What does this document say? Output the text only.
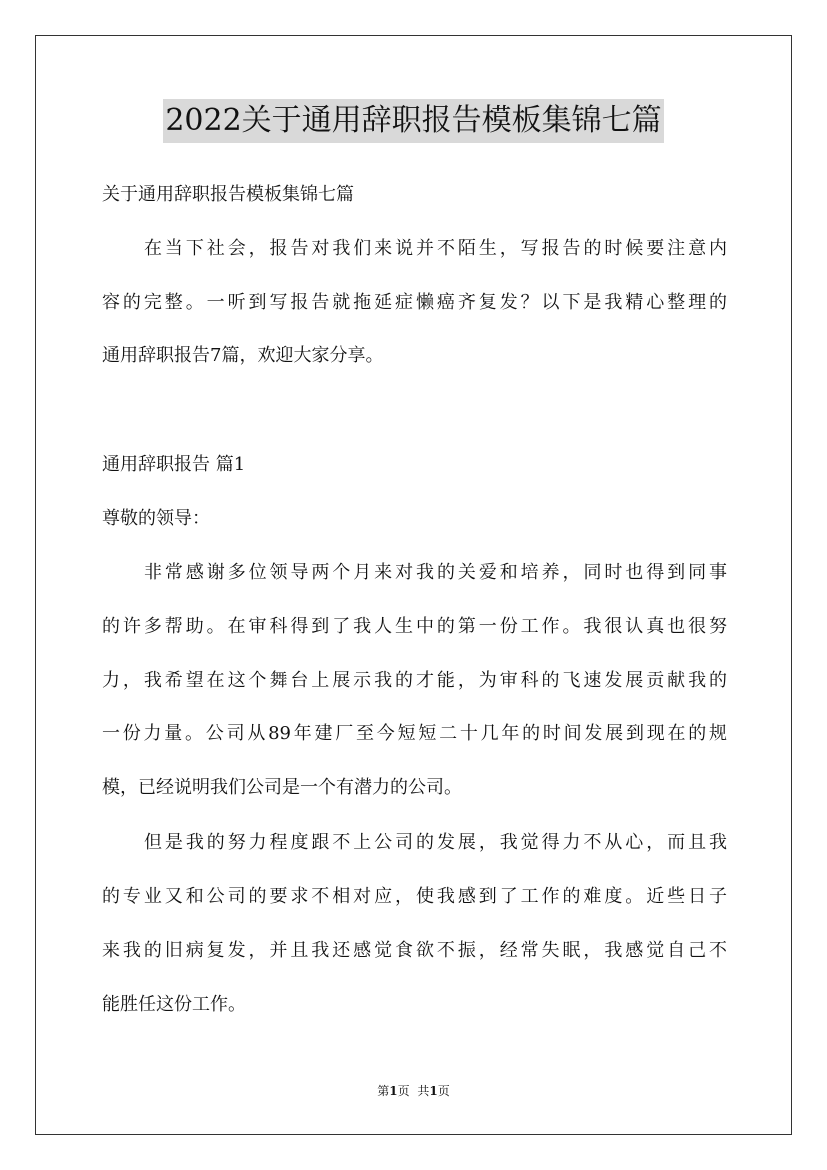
2022关于通用辞职报告模板集锦七篇
关于通用辞职报告模板集锦七篇
在当下社会，报告对我们来说并不陌生，写报告的时候要注意内
容的完整。一听到写报告就拖延症懒癌齐复发？以下是我精心整理的
通用辞职报告7篇，欢迎大家分享。
通用辞职报告 篇1
尊敬的领导：
非常感谢多位领导两个月来对我的关爱和培养，同时也得到同事
的许多帮助。在审科得到了我人生中的第一份工作。我很认真也很努
力，我希望在这个舞台上展示我的才能，为审科的飞速发展贡献我的
一份力量。公司从89年建厂至今短短二十几年的时间发展到现在的规
模，已经说明我们公司是一个有潜力的公司。
但是我的努力程度跟不上公司的发展，我觉得力不从心，而且我
的专业又和公司的要求不相对应，使我感到了工作的难度。近些日子
来我的旧病复发，并且我还感觉食欲不振，经常失眠，我感觉自己不
能胜任这份工作。
第1页 共1页
